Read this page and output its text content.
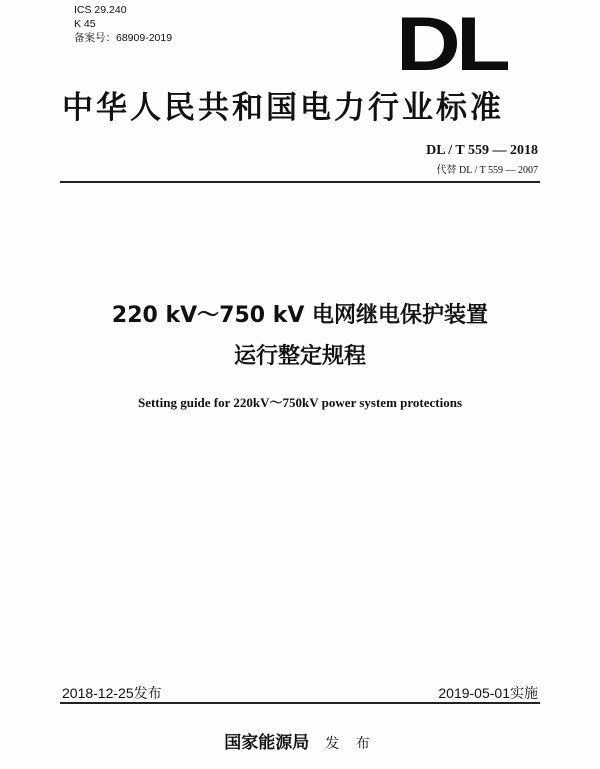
ICS 29.240
K 45
备案号：68909-2019	DL
中华人民共和国电力行业标准
DL / T 559 — 2018
代替 DL / T 559 — 2007
220 kV～750 kV 电网继电保护装置
运行整定规程
Setting guide for 220kV～750kV power system protections
2018-12-25发布	2019-05-01实施
国家能源局 发 布
